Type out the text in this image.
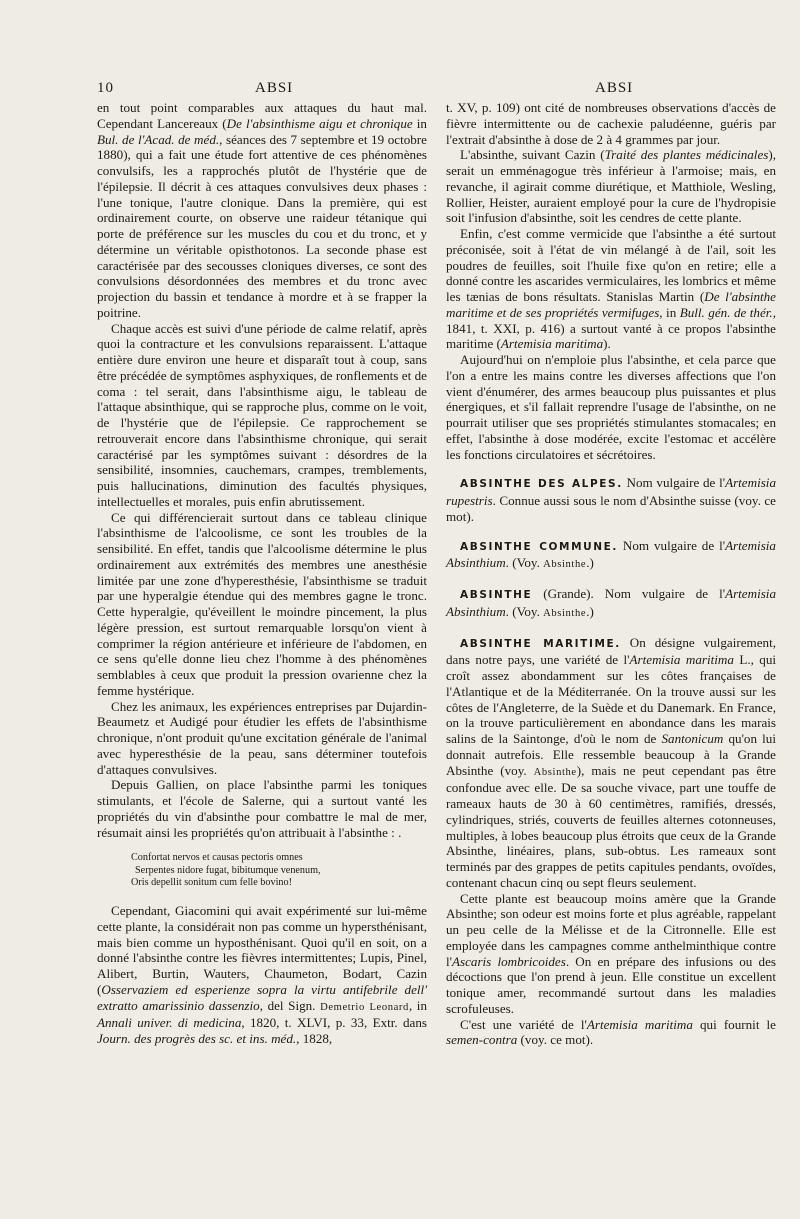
10	ABSI	ABSI

en tout point comparables aux attaques du haut mal. Cependant Lancereaux (De l'absinthisme aigu et chronique in Bul. de l'Acad. de méd., séances des 7 septembre et 19 octobre 1880), qui a fait une étude fort attentive de ces phénomènes convulsifs, les a rapprochés plutôt de l'hystérie que de l'épilepsie. Il décrit à ces attaques convulsives deux phases : l'une tonique, l'autre clonique. Dans la première, qui est ordinairement courte, on observe une raideur tétanique qui porte de préférence sur les muscles du cou et du tronc, et y détermine un véritable opisthotonos. La seconde phase est caractérisée par des secousses cloniques diverses, ce sont des convulsions désordonnées des membres et du tronc avec projection du bassin et tendance à mordre et à se frapper la poitrine.

Chaque accès est suivi d'une période de calme relatif, après quoi la contracture et les convulsions reparaissent. L'attaque entière dure environ une heure et disparaît tout à coup, sans être précédée de symptômes asphyxiques, de ronflements et de coma : tel serait, dans l'absinthisme aigu, le tableau de l'attaque absinthique, qui se rapproche plus, comme on le voit, de l'hystérie que de l'épilepsie. Ce rapprochement se retrouverait encore dans l'absinthisme chronique, qui serait caractérisé par les symptômes suivant : désordres de la sensibilité, insomnies, cauchemars, crampes, tremblements, puis hallucinations, diminution des facultés physiques, intellectuelles et morales, puis enfin abrutissement.

Ce qui différencierait surtout dans ce tableau clinique l'absinthisme de l'alcoolisme, ce sont les troubles de la sensibilité. En effet, tandis que l'alcoolisme détermine le plus ordinairement aux extrémités des membres une anesthésie limitée par une zone d'hyperesthésie, l'absinthisme se traduit par une hyperalgie étendue qui des membres gagne le tronc. Cette hyperalgie, qu'éveillent le moindre pincement, la plus légère pression, est surtout remarquable lorsqu'on vient à comprimer la région antérieure et inférieure de l'abdomen, en ce sens qu'elle donne lieu chez l'homme à des phénomènes semblables à ceux que produit la pression ovarienne chez la femme hystérique.

Chez les animaux, les expériences entreprises par Dujardin-Beaumetz et Audigé pour étudier les effets de l'absinthisme chronique, n'ont produit qu'une excitation générale de l'animal avec hyperesthésie de la peau, sans déterminer toutefois d'attaques convulsives.

Depuis Gallien, on place l'absinthe parmi les toniques stimulants, et l'école de Salerne, qui a surtout vanté les propriétés du vin d'absinthe pour combattre le mal de mer, résumait ainsi les propriétés qu'on attribuait à l'absinthe : .

Confortat nervos et causas pectoris omnes
Serpentes nidore fugat, bibitumque venenum,
Oris depellit sonitum cum felle bovino!

Cependant, Giacomini qui avait expérimenté sur lui-même cette plante, la considérait non pas comme un hypersthénisant, mais bien comme un hyposthénisant. Quoi qu'il en soit, on a donné l'absinthe contre les fièvres intermittentes; Lupis, Pinel, Alibert, Burtin, Wauters, Chaumeton, Bodart, Cazin (Osservaziem ed esperienze sopra la virtu antifebrile dell' extratto amarissinio dassenzio, del Sign. Demetrio Leonard, in Annali univer. di medicina, 1820, t. XLVI, p. 33, Extr. dans Journ. des progrès des sc. et ins. méd., 1828,

t. XV, p. 109) ont cité de nombreuses observations d'accès de fièvre intermittente ou de cachexie paludéenne, guéris par l'extrait d'absinthe à dose de 2 à 4 grammes par jour.

L'absinthe, suivant Cazin (Traité des plantes médicinales), serait un emménagogue très inférieur à l'armoise; mais, en revanche, il agirait comme diurétique, et Matthiole, Wesling, Rollier, Heister, auraient employé pour la cure de l'hydropisie soit l'infusion d'absinthe, soit les cendres de cette plante.

Enfin, c'est comme vermicide que l'absinthe a été surtout préconisée, soit à l'état de vin mélangé à de l'ail, soit les poudres de feuilles, soit l'huile fixe qu'on en retire; elle a donné contre les ascarides vermiculaires, les lombrics et même les tænias de bons résultats. Stanislas Martin (De l'absinthe maritime et de ses propriétés vermifuges, in Bull. gén. de thér., 1841, t. XXI, p. 416) a surtout vanté à ce propos l'absinthe maritime (Artemisia maritima).

Aujourd'hui on n'emploie plus l'absinthe, et cela parce que l'on a entre les mains contre les diverses affections que l'on vient d'énumérer, des armes beaucoup plus puissantes et plus énergiques, et s'il fallait reprendre l'usage de l'absinthe, on ne pourrait utiliser que ses propriétés stimulantes stomacales; en effet, l'absinthe à dose modérée, excite l'estomac et accélère les fonctions circulatoires et sécrétoires.

ABSINTHE DES ALPES. Nom vulgaire de l'Artemisia rupestris. Connue aussi sous le nom d'Absinthe suisse (voy. ce mot).

ABSINTHE COMMUNE. Nom vulgaire de l'Artemisia Absinthium. (Voy. Absinthe.)

ABSINTHE (Grande). Nom vulgaire de l'Artemisia Absinthium. (Voy. Absinthe.)

ABSINTHE MARITIME. On désigne vulgairement, dans notre pays, une variété de l'Artemisia maritima L., qui croît assez abondamment sur les côtes françaises de l'Atlantique et de la Méditerranée. On la trouve aussi sur les côtes de l'Angleterre, de la Suède et du Danemark. En France, on la trouve particulièrement en abondance dans les marais salins de la Saintonge, d'où le nom de Santonicum qu'on lui donnait autrefois. Elle ressemble beaucoup à la Grande Absinthe (voy. Absinthe), mais ne peut cependant pas être confondue avec elle. De sa souche vivace, part une touffe de rameaux hauts de 30 à 60 centimètres, ramifiés, dressés, cylindriques, striés, couverts de feuilles alternes cotonneuses, multiples, à lobes beaucoup plus étroits que ceux de la Grande Absinthe, linéaires, plans, sub-obtus. Les rameaux sont terminés par des grappes de petits capitules pendants, ovoïdes, contenant chacun cinq ou sept fleurs seulement.

Cette plante est beaucoup moins amère que la Grande Absinthe; son odeur est moins forte et plus agréable, rappelant un peu celle de la Mélisse et de la Citronnelle. Elle est employée dans les campagnes comme anthelminthique contre l'Ascaris lombricoides. On en prépare des infusions ou des décoctions que l'on prend à jeun. Elle constitue un excellent tonique amer, recommandé surtout dans les maladies scrofuleuses.

C'est une variété de l'Artemisia maritima qui fournit le semen-contra (voy. ce mot).
